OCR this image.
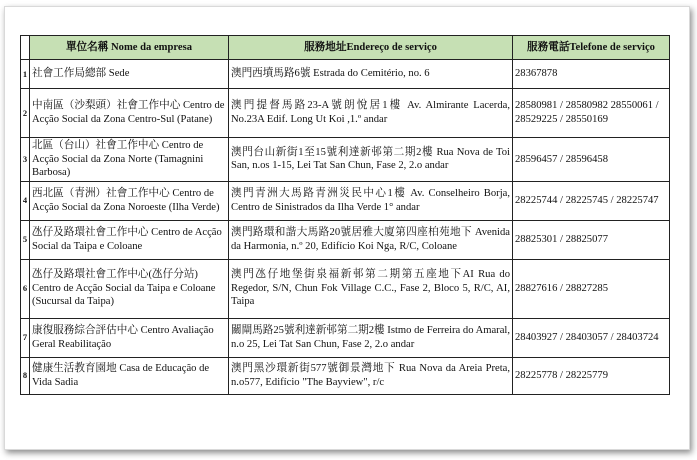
	單位名稱 Nome da empresa	服務地址Endereço de serviço	服務電話Telefone de serviço
1	社會工作局總部 Sede	澳門西墳馬路6號 Estrada do Cemitério, no. 6	28367878
2	中南區（沙梨頭）社會工作中心 Centro de Acção Social da Zona Centro-Sul (Patane)	澳門提督馬路23-A號朗悅居1樓 Av. Almirante Lacerda, No.23A Edif. Long Ut Koi ,1.º andar	28580981 / 28580982 28550061 / 28529225 / 28550169
3	北區（台山）社會工作中心 Centro de Acção Social da Zona Norte (Tamagnini Barbosa)	澳門台山新街1至15號利達新邨第二期2樓 Rua Nova de Toi San, n.os 1-15, Lei Tat San Chun, Fase 2, 2.o andar	28596457 / 28596458
4	西北區（青洲）社會工作中心 Centro de Acção Social da Zona Noroeste (Ilha Verde)	澳門青洲大馬路青洲災民中心1樓 Av. Conselheiro Borja, Centro de Sinistrados da Ilha Verde 1° andar	28225744 / 28225745 / 28225747
5	氹仔及路環社會工作中心 Centro de Acção Social da Taipa e Coloane	澳門路環和諧大馬路20號居雅大廈第四座柏苑地下 Avenida da Harmonia, n.º 20, Edifício Koi Nga, R/C, Coloane	28825301 / 28825077
6	氹仔及路環社會工作中心(氹仔分站) Centro de Acção Social da Taipa e Coloane (Sucursal da Taipa)	澳門氹仔地堡街泉福新邨第二期第五座地下AI Rua do Regedor, S/N, Chun Fok Village C.C., Fase 2, Bloco 5, R/C, AI, Taipa	28827616 / 28827285
7	康復服務綜合評估中心 Centro Avaliação Geral Reabilitação	關閘馬路25號利達新邨第二期2樓 Istmo de Ferreira do Amaral, n.o 25, Lei Tat San Chun, Fase 2, 2.o andar	28403927 / 28403057 / 28403724
8	健康生活教育園地 Casa de Educação de Vida Sadia	澳門黑沙環新街577號御景灣地下 Rua Nova da Areia Preta, n.o577, Edifício "The Bayview", r/c	28225778 / 28225779
